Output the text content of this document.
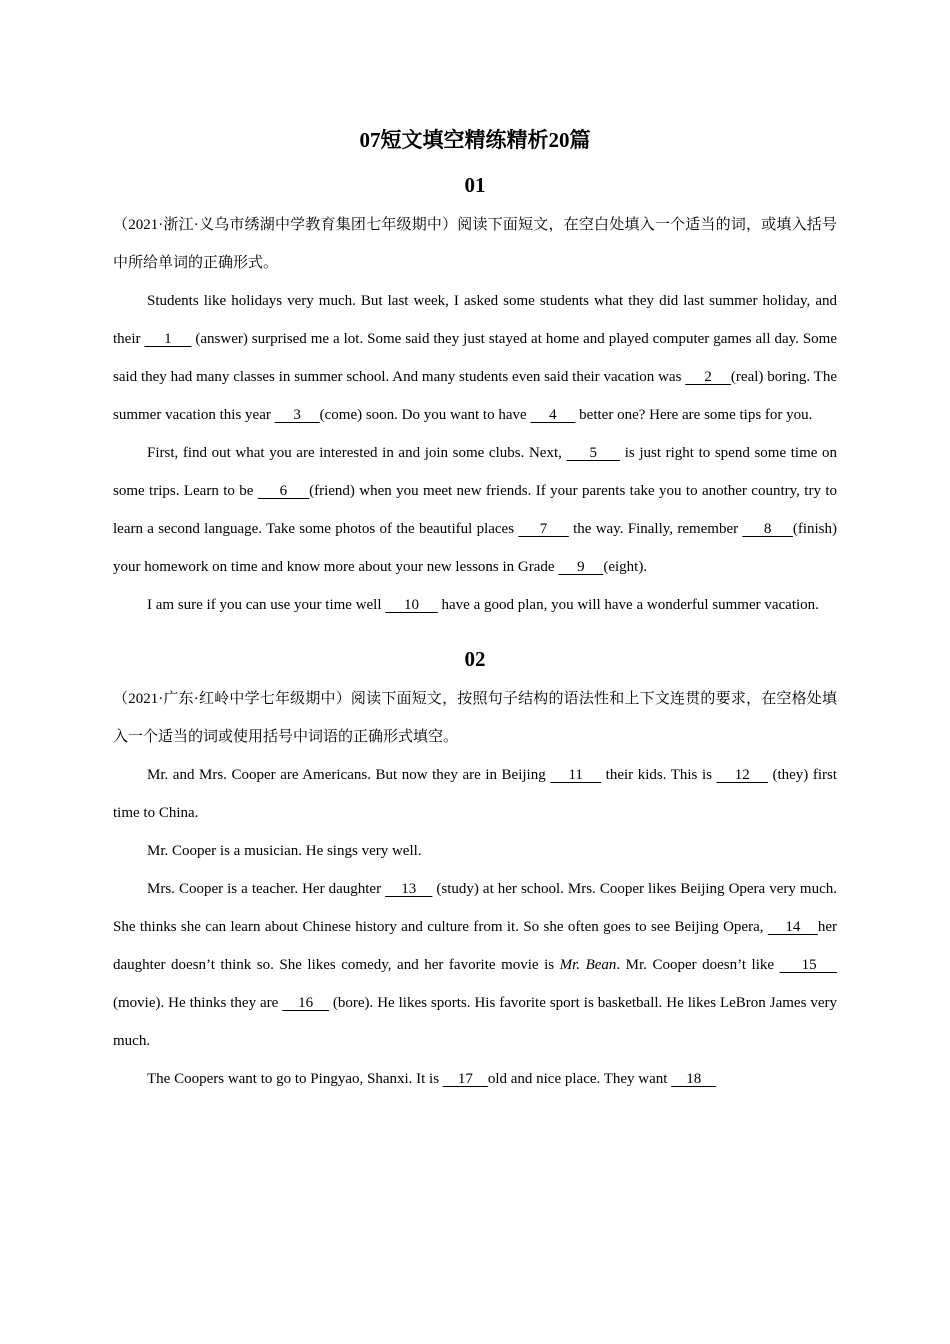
07短文填空精练精析20篇
01

（2021·浙江·义乌市绣湖中学教育集团七年级期中）阅读下面短文，在空白处填入一个适当的词，或填入括号中所给单词的正确形式。

Students like holidays very much. But last week, I asked some students what they did last summer holiday, and their      1      (answer) surprised me a lot. Some said they just stayed at home and played computer games all day. Some said they had many classes in summer school. And many students even said their vacation was      2     (real) boring. The summer vacation this year      3     (come) soon. Do you want to have      4      better one? Here are some tips for you.

First, find out what you are interested in and join some clubs. Next,      5      is just right to spend some time on some trips. Learn to be      6     (friend) when you meet new friends. If your parents take you to another country, try to learn a second language. Take some photos of the beautiful places      7      the way. Finally, remember      8     (finish) your homework on time and know more about your new lessons in Grade      9     (eight).

I am sure if you can use your time well      10      have a good plan, you will have a wonderful summer vacation.

02

（2021·广东·红岭中学七年级期中）阅读下面短文，按照句子结构的语法性和上下文连贯的要求，在空格处填入一个适当的词或使用括号中词语的正确形式填空。

Mr. and Mrs. Cooper are Americans. But now they are in Beijing     11     their kids. This is     12     (they) first time to China.

Mr. Cooper is a musician. He sings very well.

Mrs. Cooper is a teacher. Her daughter     13     (study) at her school. Mrs. Cooper likes Beijing Opera very much. She thinks she can learn about Chinese history and culture from it. So she often goes to see Beijing Opera,     14    her daughter doesn’t think so. She likes comedy, and her favorite movie is Mr. Bean. Mr. Cooper doesn’t like     15     (movie). He thinks they are     16     (bore). He likes sports. His favorite sport is basketball. He likes LeBron James very much.

The Coopers want to go to Pingyao, Shanxi. It is     17    old and nice place. They want     18
